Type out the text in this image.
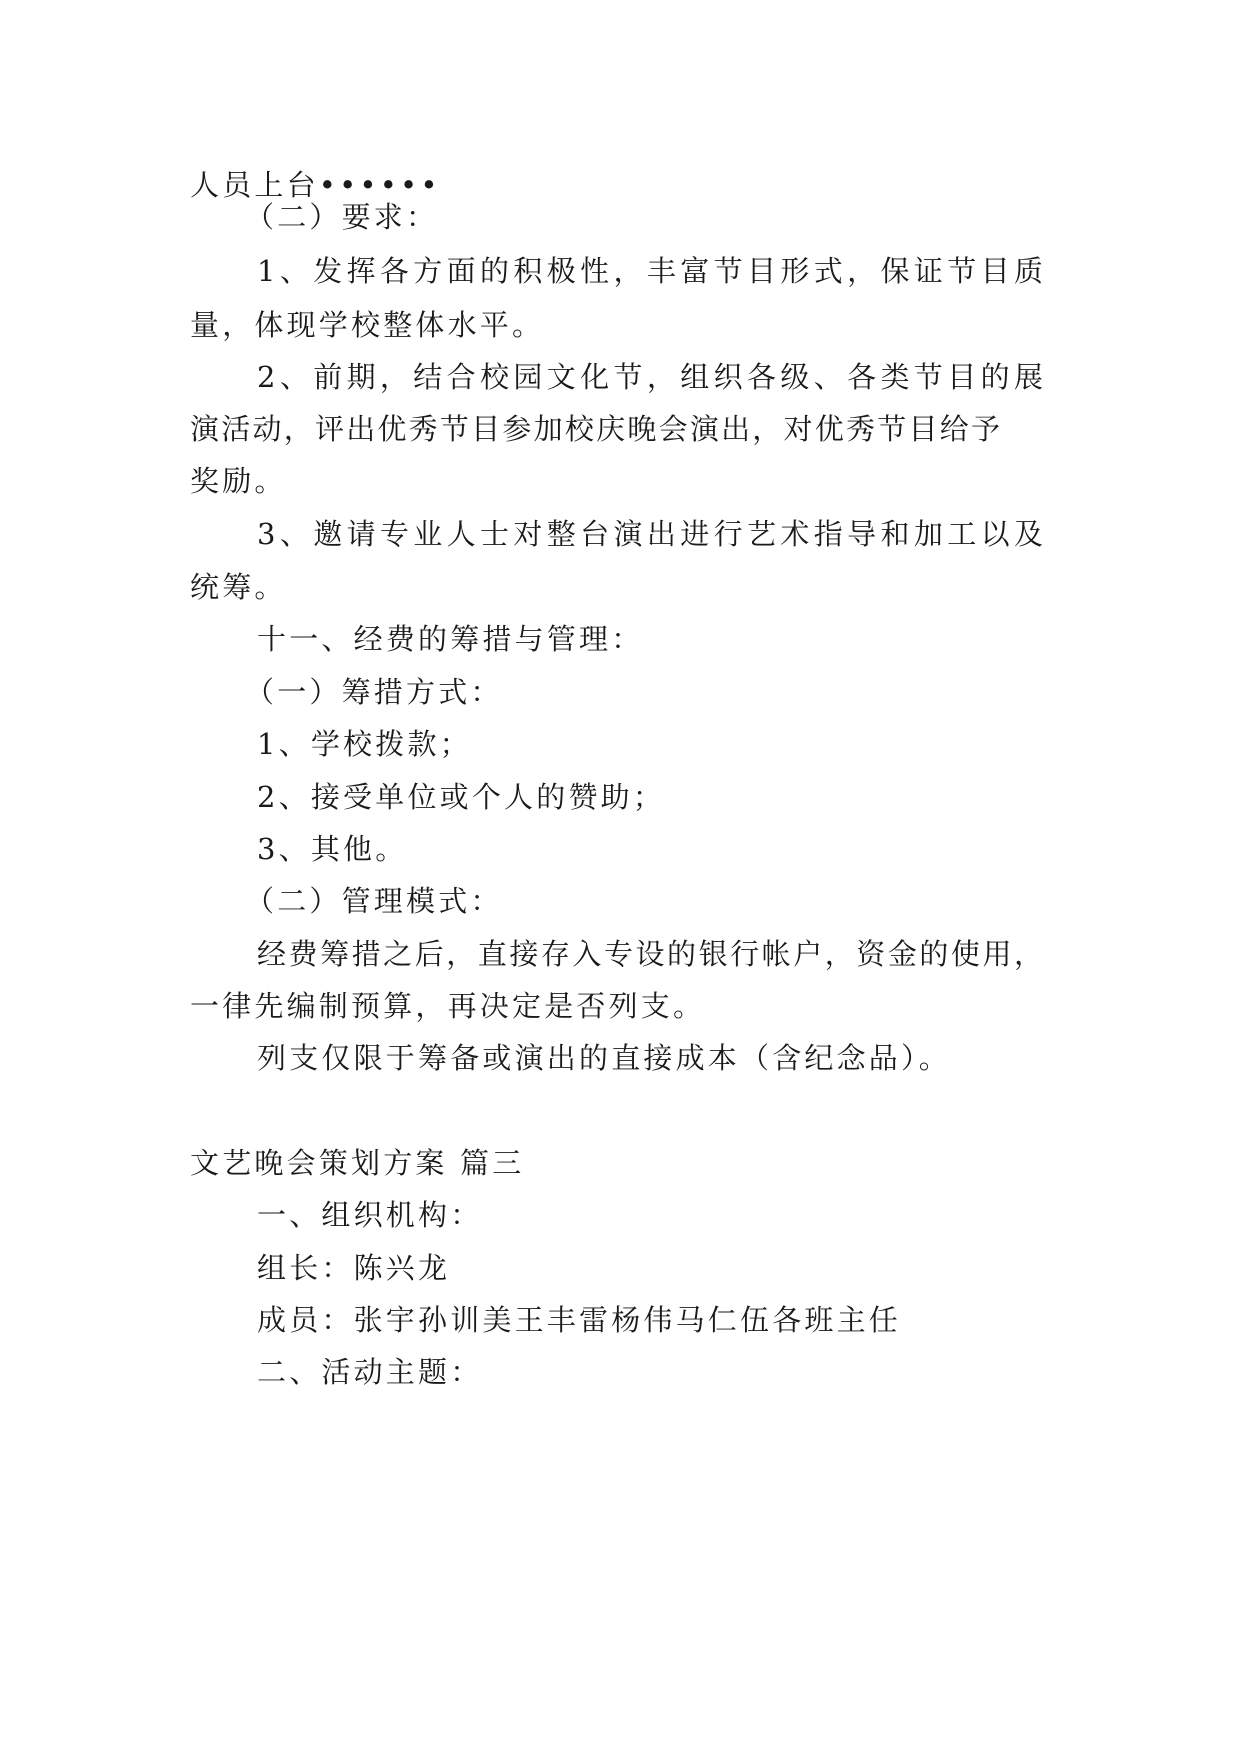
人员上台••••••
（二）要求：
1、发挥各方面的积极性，丰富节目形式，保证节目质
量，体现学校整体水平。
2、前期，结合校园文化节，组织各级、各类节目的展
演活动，评出优秀节目参加校庆晚会演出，对优秀节目给予
奖励。
3、邀请专业人士对整台演出进行艺术指导和加工以及
统筹。
十一、经费的筹措与管理：
（一）筹措方式：
1、学校拨款；
2、接受单位或个人的赞助；
3、其他。
（二）管理模式：
经费筹措之后，直接存入专设的银行帐户，资金的使用，
一律先编制预算，再决定是否列支。
列支仅限于筹备或演出的直接成本（含纪念品）。
文艺晚会策划方案 篇三
一、组织机构：
组长：陈兴龙
成员：张宇孙训美王丰雷杨伟马仁伍各班主任
二、活动主题：
